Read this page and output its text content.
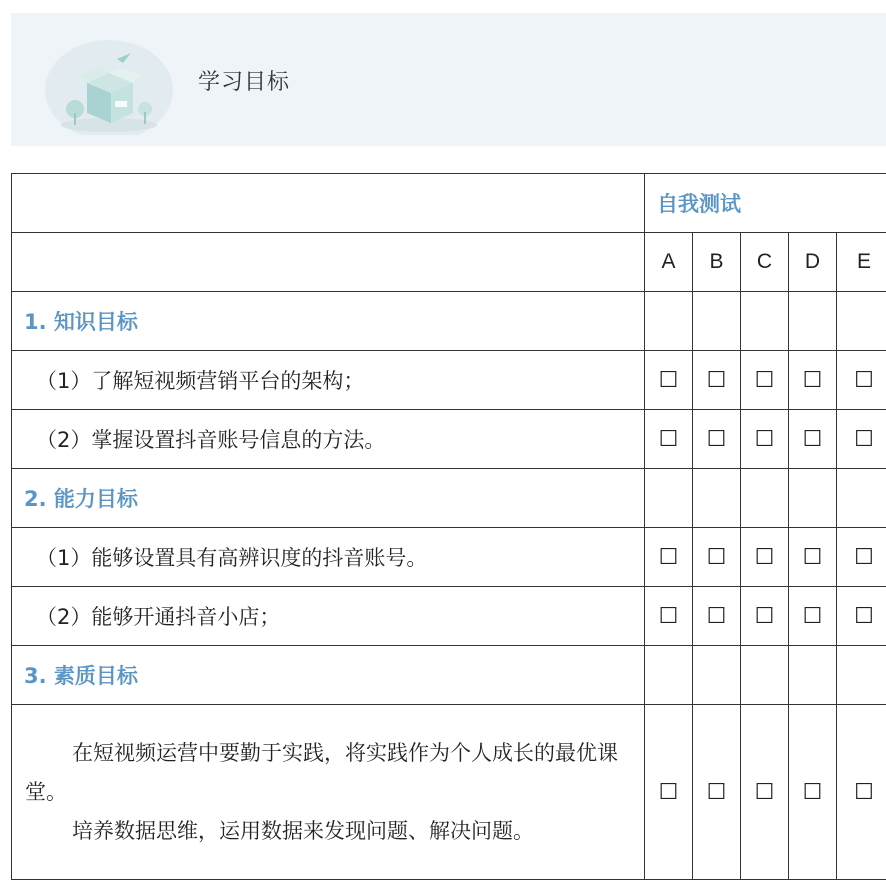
学习目标
	自我测试				
	A	B	C	D	E
1. 知识目标					
（1）了解短视频营销平台的架构；	☐	☐	☐	☐	☐
（2）掌握设置抖音账号信息的方法。	☐	☐	☐	☐	☐
2. 能力目标					
（1）能够设置具有高辨识度的抖音账号。	☐	☐	☐	☐	☐
（2）能够开通抖音小店；	☐	☐	☐	☐	☐
3. 素质目标					

在短视频运营中要勤于实践，将实践作为个人成长的最优课堂。
培养数据思维，运用数据来发现问题、解决问题。	☐	☐	☐	☐	☐
